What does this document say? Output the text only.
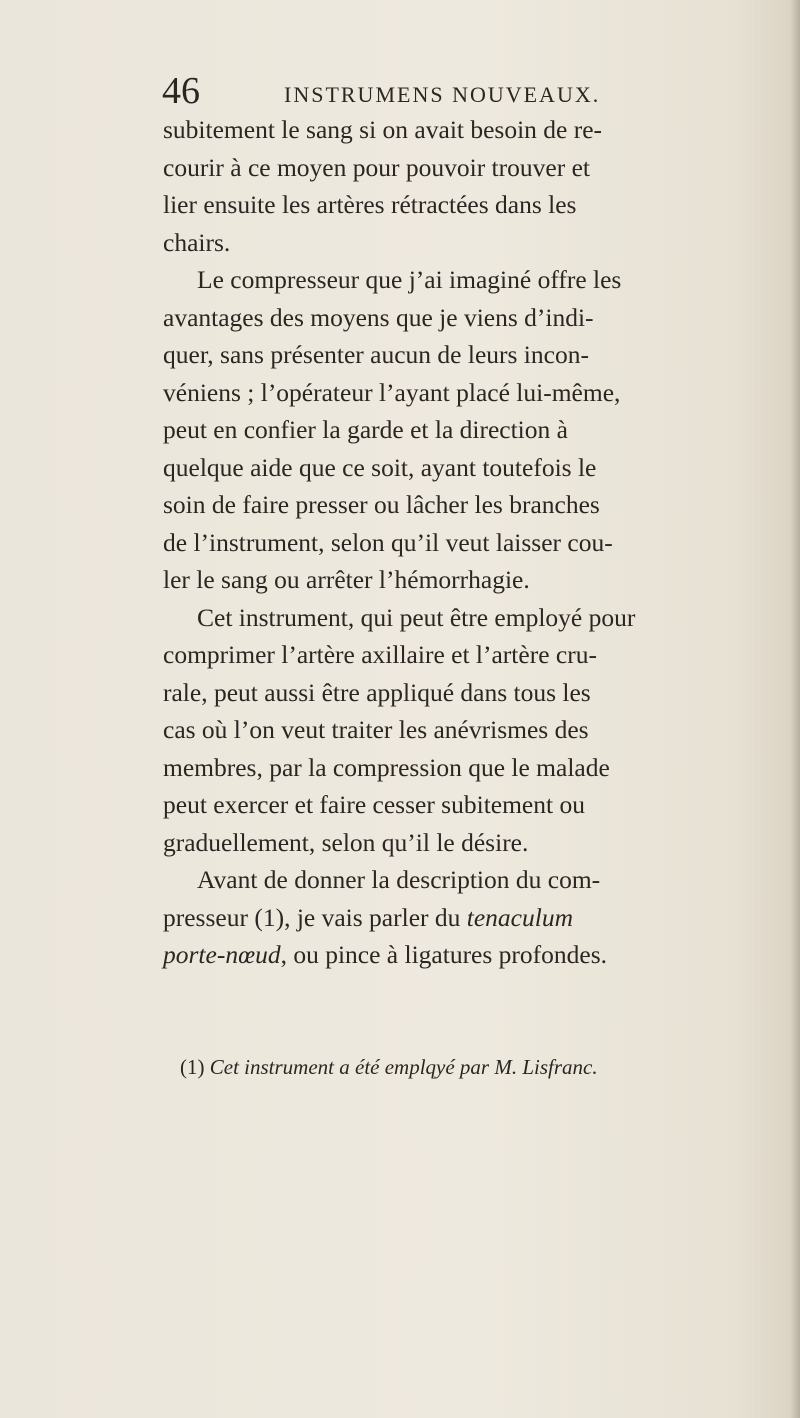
46	INSTRUMENS NOUVEAUX.
subitement le sang si on avait besoin de re-
courir à ce moyen pour pouvoir trouver et
lier ensuite les artères rétractées dans les
chairs.
Le compresseur que j’ai imaginé offre les
avantages des moyens que je viens d’indi-
quer, sans présenter aucun de leurs incon-
véniens ; l’opérateur l’ayant placé lui-même,
peut en confier la garde et la direction à
quelque aide que ce soit, ayant toutefois le
soin de faire presser ou lâcher les branches
de l’instrument, selon qu’il veut laisser cou-
ler le sang ou arrêter l’hémorrhagie.
Cet instrument, qui peut être employé pour
comprimer l’artère axillaire et l’artère cru-
rale, peut aussi être appliqué dans tous les
cas où l’on veut traiter les anévrismes des
membres, par la compression que le malade
peut exercer et faire cesser subitement ou
graduellement, selon qu’il le désire.
Avant de donner la description du com-
presseur (1), je vais parler du tenaculum
porte-nœud, ou pince à ligatures profondes.
(1) Cet instrument a été emplqyé par M. Lisfranc.
